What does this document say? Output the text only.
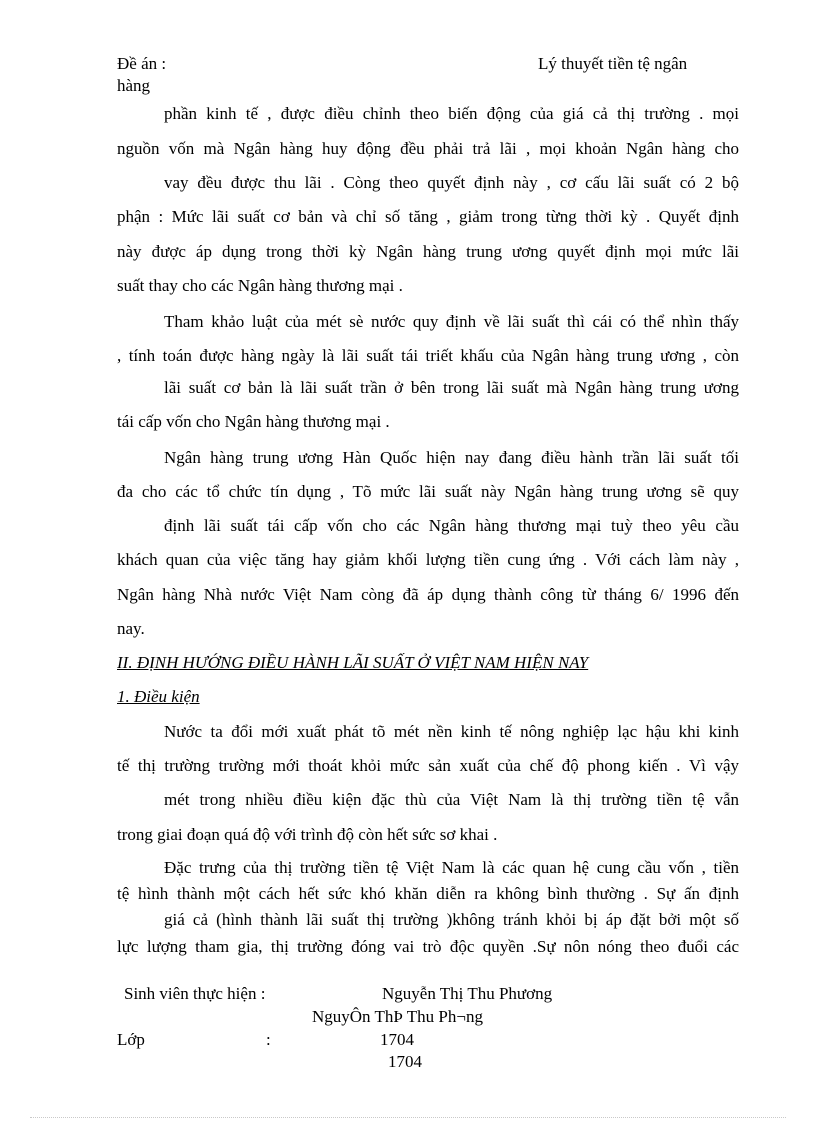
Đề án :	Lý thuyết tiền tệ ngân
hàng
phần kinh tế , được điều chỉnh theo biến động của giá cả thị trường . mọi
nguồn vốn mà Ngân hàng huy động đều phải trả lãi , mọi khoản Ngân hàng cho
vay đều được thu lãi . Còng theo quyết định này , cơ cấu lãi suất có 2 bộ
phận : Mức lãi suất cơ bản và chỉ số tăng , giảm trong từng thời kỳ . Quyết định
này được áp dụng trong thời kỳ Ngân hàng trung ương quyết định mọi mức lãi
suất thay cho các Ngân hàng thương mại .
Tham khảo luật của mét sè nước quy định về lãi suất thì cái có thể nhìn thấy
, tính toán được hàng ngày là lãi suất tái triết khấu của Ngân hàng trung ương , còn
lãi suất cơ bản là lãi suất trần ở bên trong lãi suất mà Ngân hàng trung ương
tái cấp vốn cho Ngân hàng thương mại .
Ngân hàng trung ương Hàn Quốc hiện nay đang điều hành trần lãi suất tối
đa cho các tổ chức tín dụng , Tõ mức lãi suất này Ngân hàng trung ương sẽ quy
định lãi suất tái cấp vốn cho các Ngân hàng thương mại tuỳ theo yêu cầu
khách quan của việc tăng hay giảm khối lượng tiền cung ứng . Với cách làm này ,
Ngân hàng Nhà nước Việt Nam còng đã áp dụng thành công từ tháng 6/ 1996 đến
nay.
II. ĐỊNH HƯỚNG ĐIỀU HÀNH LÃI SUẤT Ở VIỆT NAM HIỆN NAY
1. Điều kiện
Nước ta đổi mới xuất phát tõ mét nền kinh tế nông nghiệp lạc hậu khi kinh
tế thị trường trường mới thoát khỏi mức sản xuất của chế độ phong kiến . Vì vậy
mét trong nhiều điều kiện đặc thù của Việt Nam là thị trường tiền tệ vẫn
trong giai đoạn quá độ với trình độ còn hết sức sơ khai .
Đặc trưng của thị trường tiền tệ Việt Nam là các quan hệ cung cầu vốn , tiền
tệ hình thành một cách hết sức khó khăn diễn ra không bình thường . Sự ấn định
giá cả (hình thành lãi suất thị trường )không tránh khỏi bị áp đặt bởi một số
lực lượng tham gia, thị trường đóng vai trò độc quyền .Sự nôn nóng theo đuổi các
Sinh viên thực hiện :	Nguyễn Thị Thu Phương
NguyÔn ThÞ Thu Ph¬ng
Lớp	:	1704
1704
